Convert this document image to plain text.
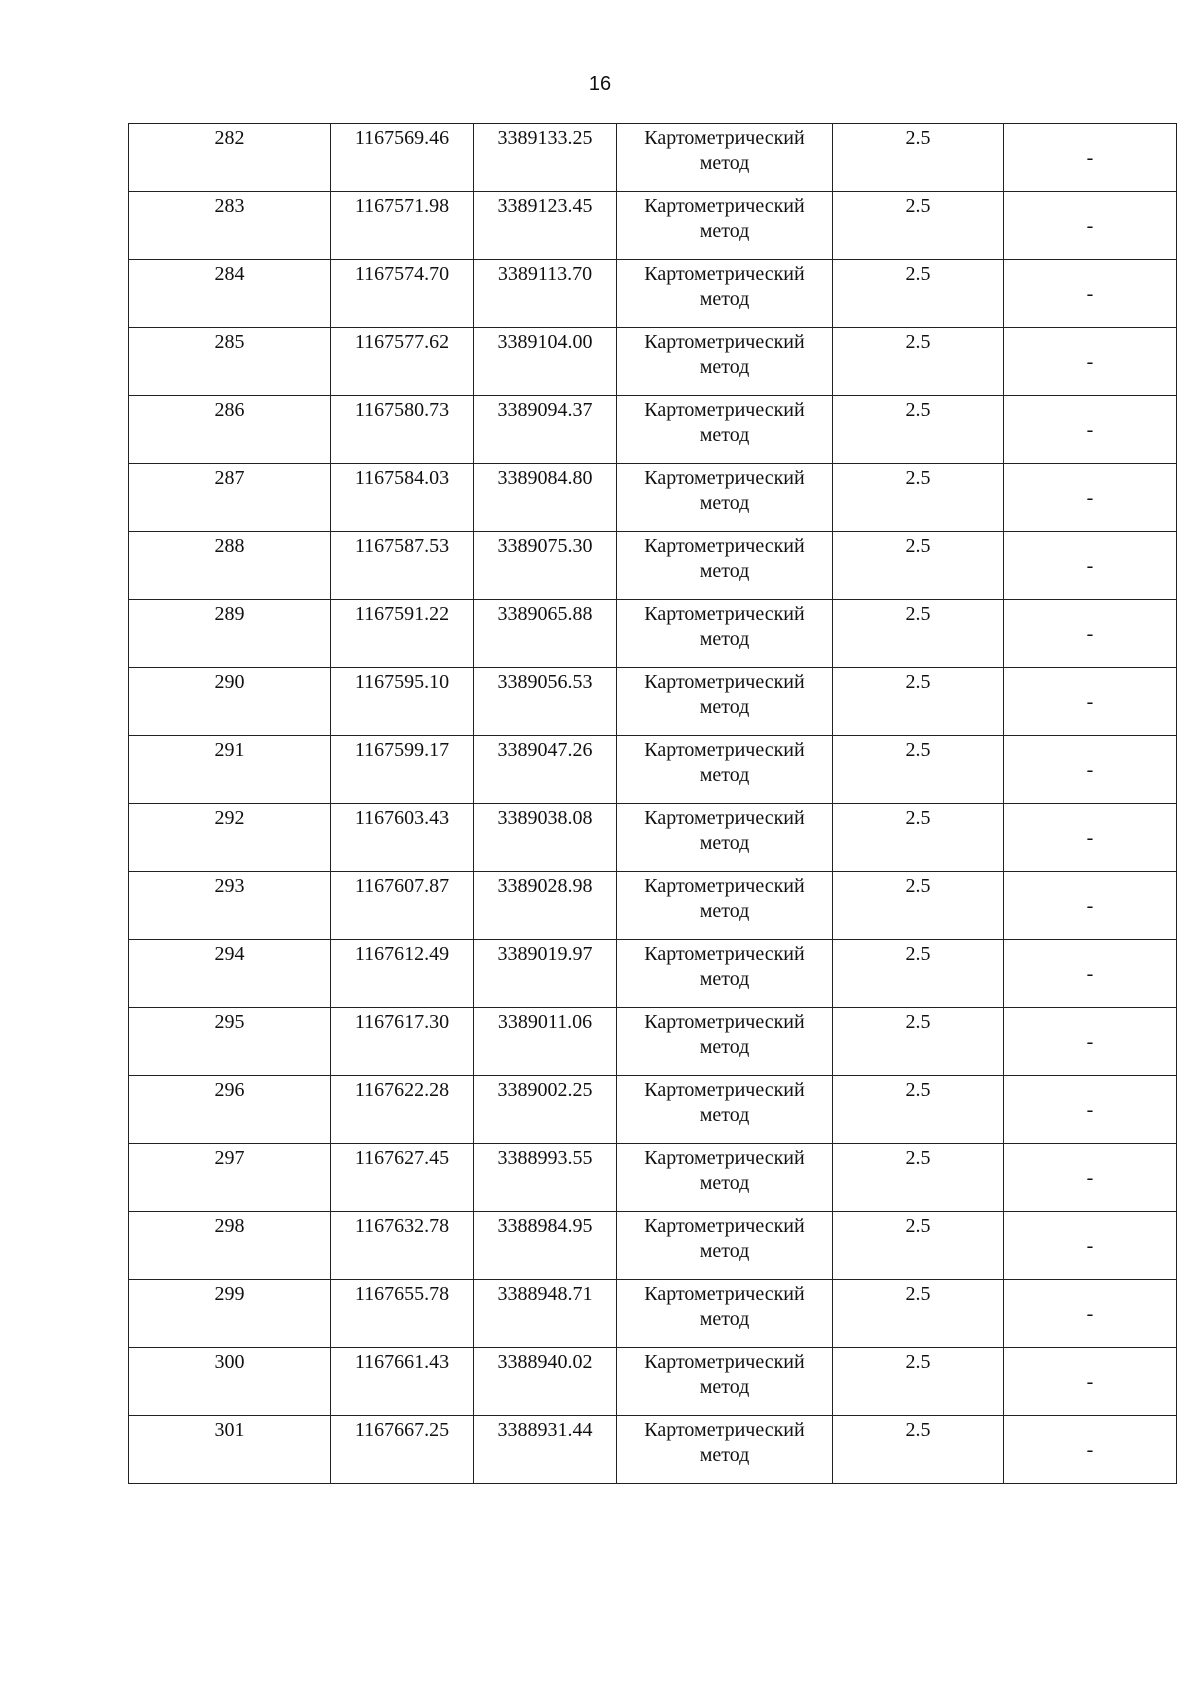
16
282	1167569.46	3389133.25	Картометрический метод	2.5	-

283	1167571.98	3389123.45	Картометрический метод	2.5	-

284	1167574.70	3389113.70	Картометрический метод	2.5	-

285	1167577.62	3389104.00	Картометрический метод	2.5	-

286	1167580.73	3389094.37	Картометрический метод	2.5	-

287	1167584.03	3389084.80	Картометрический метод	2.5	-

288	1167587.53	3389075.30	Картометрический метод	2.5	-

289	1167591.22	3389065.88	Картометрический метод	2.5	-

290	1167595.10	3389056.53	Картометрический метод	2.5	-

291	1167599.17	3389047.26	Картометрический метод	2.5	-

292	1167603.43	3389038.08	Картометрический метод	2.5	-

293	1167607.87	3389028.98	Картометрический метод	2.5	-

294	1167612.49	3389019.97	Картометрический метод	2.5	-

295	1167617.30	3389011.06	Картометрический метод	2.5	-

296	1167622.28	3389002.25	Картометрический метод	2.5	-

297	1167627.45	3388993.55	Картометрический метод	2.5	-

298	1167632.78	3388984.95	Картометрический метод	2.5	-

299	1167655.78	3388948.71	Картометрический метод	2.5	-

300	1167661.43	3388940.02	Картометрический метод	2.5	-

301	1167667.25	3388931.44	Картометрический метод	2.5	-
